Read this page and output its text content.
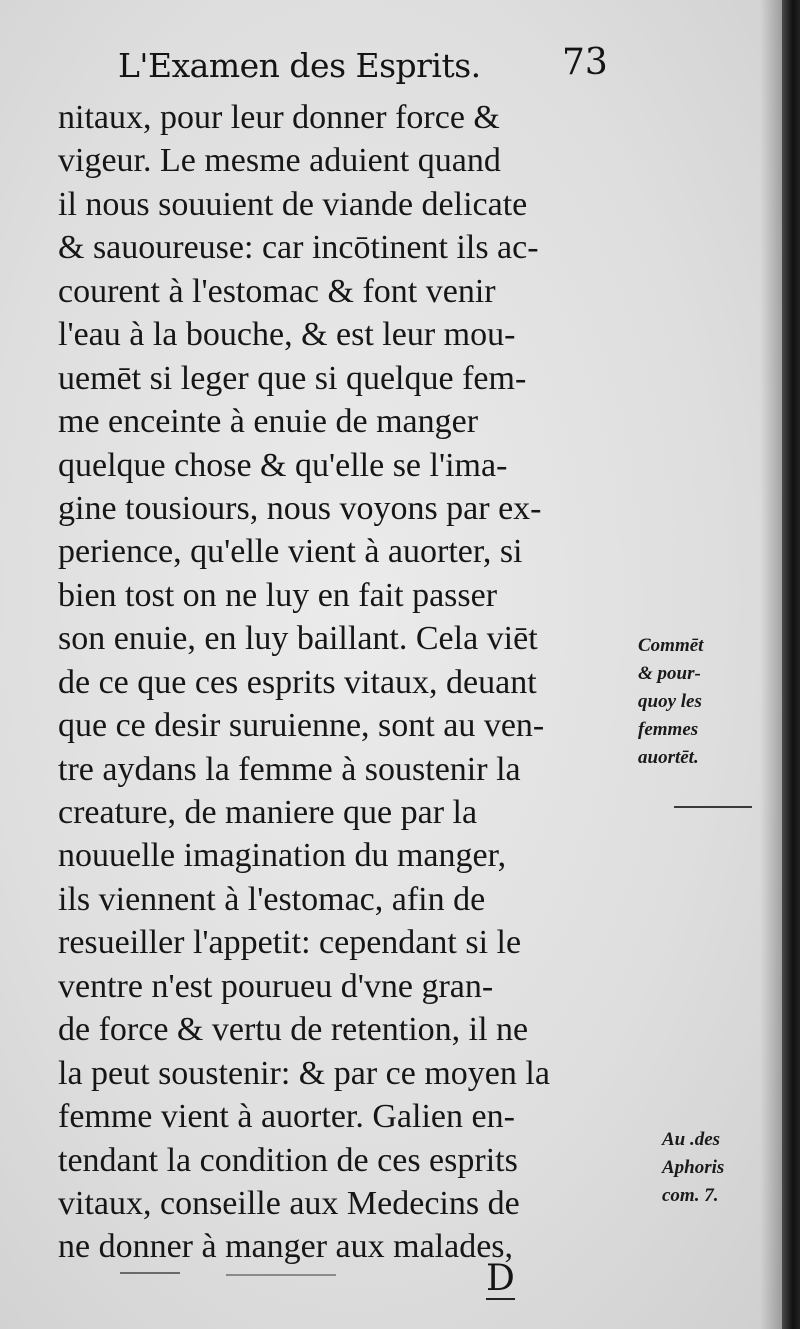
L'Examen des Esprits. 73
nitaux, pour leur donner force &
vigeur. Le mesme aduient quand
il nous souuient de viande delicate
& sauoureuse: car incōtinent ils ac-
courent à l'estomac & font venir
l'eau à la bouche, & est leur mou-
uemēt si leger que si quelque fem-
me enceinte à enuie de manger
quelque chose & qu'elle se l'ima-
gine tousiours, nous voyons par ex-
perience, qu'elle vient à auorter, si
bien tost on ne luy en fait passer
son enuie, en luy baillant. Cela viēt
de ce que ces esprits vitaux, deuant
que ce desir suruienne, sont au ven-
tre aydans la femme à soustenir la
creature, de maniere que par la
nouuelle imagination du manger,
ils viennent à l'estomac, afin de
resueiller l'appetit: cependant si le
ventre n'est pourueu d'vne gran-
de force & vertu de retention, il ne
la peut soustenir: & par ce moyen la
femme vient à auorter. Galien en-
tendant la condition de ces esprits
vitaux, conseille aux Medecins de
ne donner à manger aux malades,
Commēt
& pour-
quoy les
femmes
auortēt.
Au .des
Aphoris
com. 7.
D
